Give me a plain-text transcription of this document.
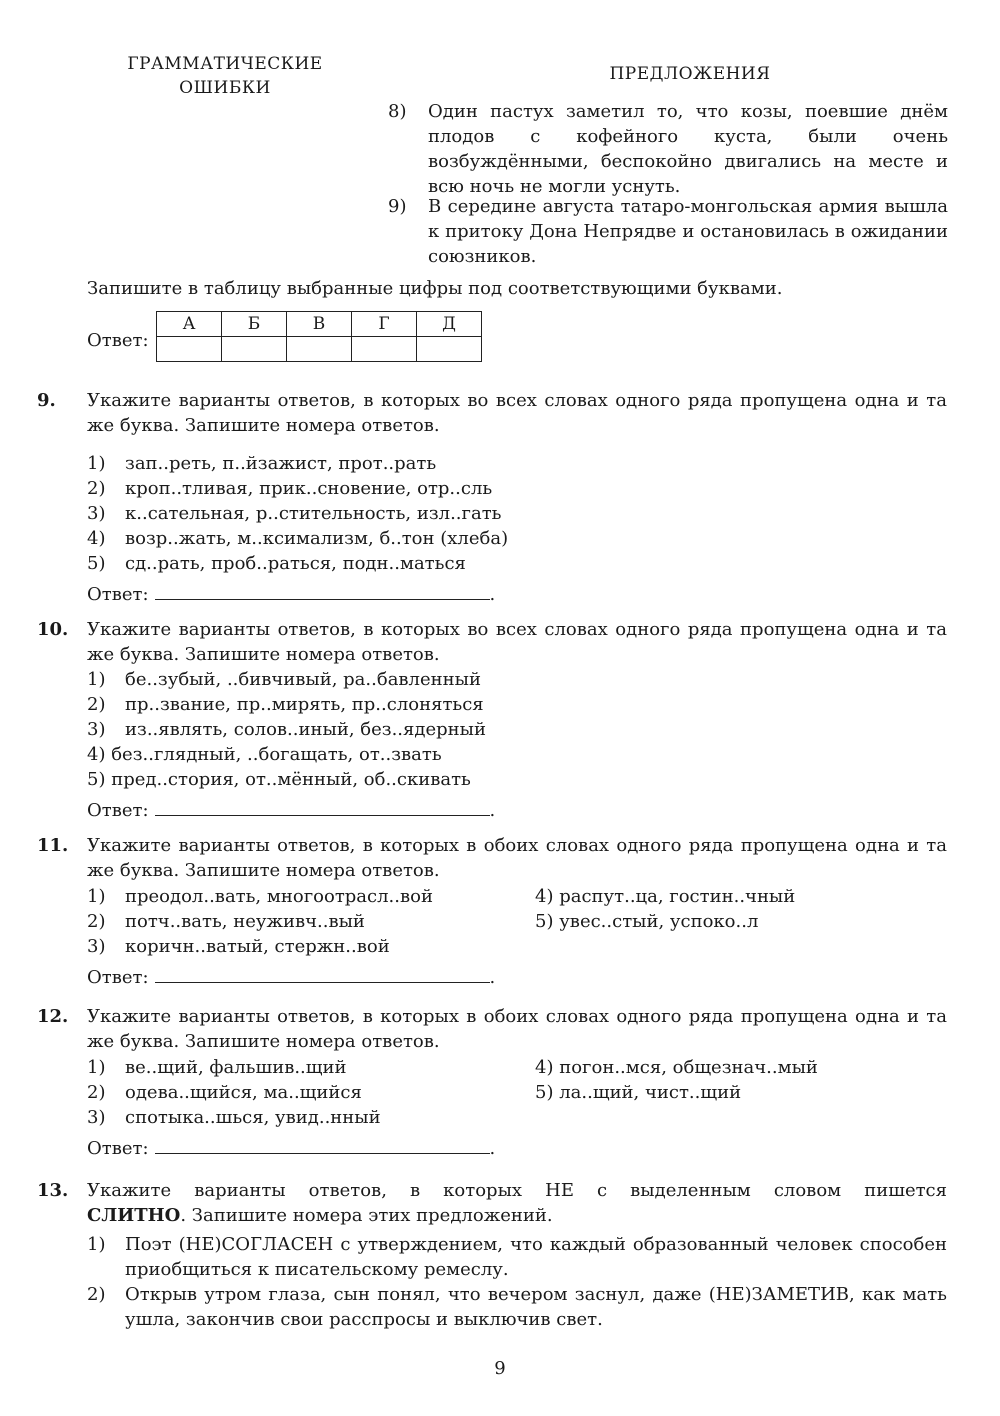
ГРАММАТИЧЕСКИЕ
ОШИБКИ
ПРЕДЛОЖЕНИЯ
8) Один пастух заметил то, что козы, поевшие днём плодов с кофейного куста, были очень возбуждёнными, беспокойно двигались на месте и всю ночь не могли уснуть.
9) В середине августа татаро-монгольская армия вышла к притоку Дона Непрядве и остановилась в ожидании союзников.
Запишите в таблицу выбранные цифры под соответствующими буквами.
Ответ:
А	Б	В	Г	Д

9. Укажите варианты ответов, в которых во всех словах одного ряда пропущена одна и та же буква. Запишите номера ответов.
1) зап..реть, п..йзажист, прот..рать
2) кроп..тливая, прик..сновение, отр..сль
3) к..сательная, р..стительность, изл..гать
4) возр..жать, м..ксимализм, б..тон (хлеба)
5) сд..рать, проб..раться, подн..маться
Ответ:	.
10. Укажите варианты ответов, в которых во всех словах одного ряда пропущена одна и та же буква. Запишите номера ответов.
1) бе..зубый, ..бивчивый, ра..бавленный
2) пр..звание, пр..мирять, пр..слоняться
3) из..являть, солов..иный, без..ядерный
4) без..глядный, ..богащать, от..звать
5) пред..стория, от..мённый, об..скивать
Ответ:	.
11. Укажите варианты ответов, в которых в обоих словах одного ряда пропущена одна и та же буква. Запишите номера ответов.
1) преодол..вать, многоотрасл..вой
2) потч..вать, неуживч..вый
3) коричн..ватый, стержн..вой
4) распут..ца, гостин..чный
5) увес..стый, успоко..л
Ответ:	.
12. Укажите варианты ответов, в которых в обоих словах одного ряда пропущена одна и та же буква. Запишите номера ответов.
1) ве..щий, фальшив..щий
2) одева..щийся, ма..щийся
3) спотыка..шься, увид..нный
4) погон..мся, общезнач..мый
5) ла..щий, чист..щий
Ответ:	.
13. Укажите варианты ответов, в которых НЕ с выделенным словом пишется
СЛИТНО. Запишите номера этих предложений.
1) Поэт (НЕ)СОГЛАСЕН с утверждением, что каждый образованный человек способен приобщиться к писательскому ремеслу.
2) Открыв утром глаза, сын понял, что вечером заснул, даже (НЕ)ЗАМЕТИВ, как мать ушла, закончив свои расспросы и выключив свет.
9
